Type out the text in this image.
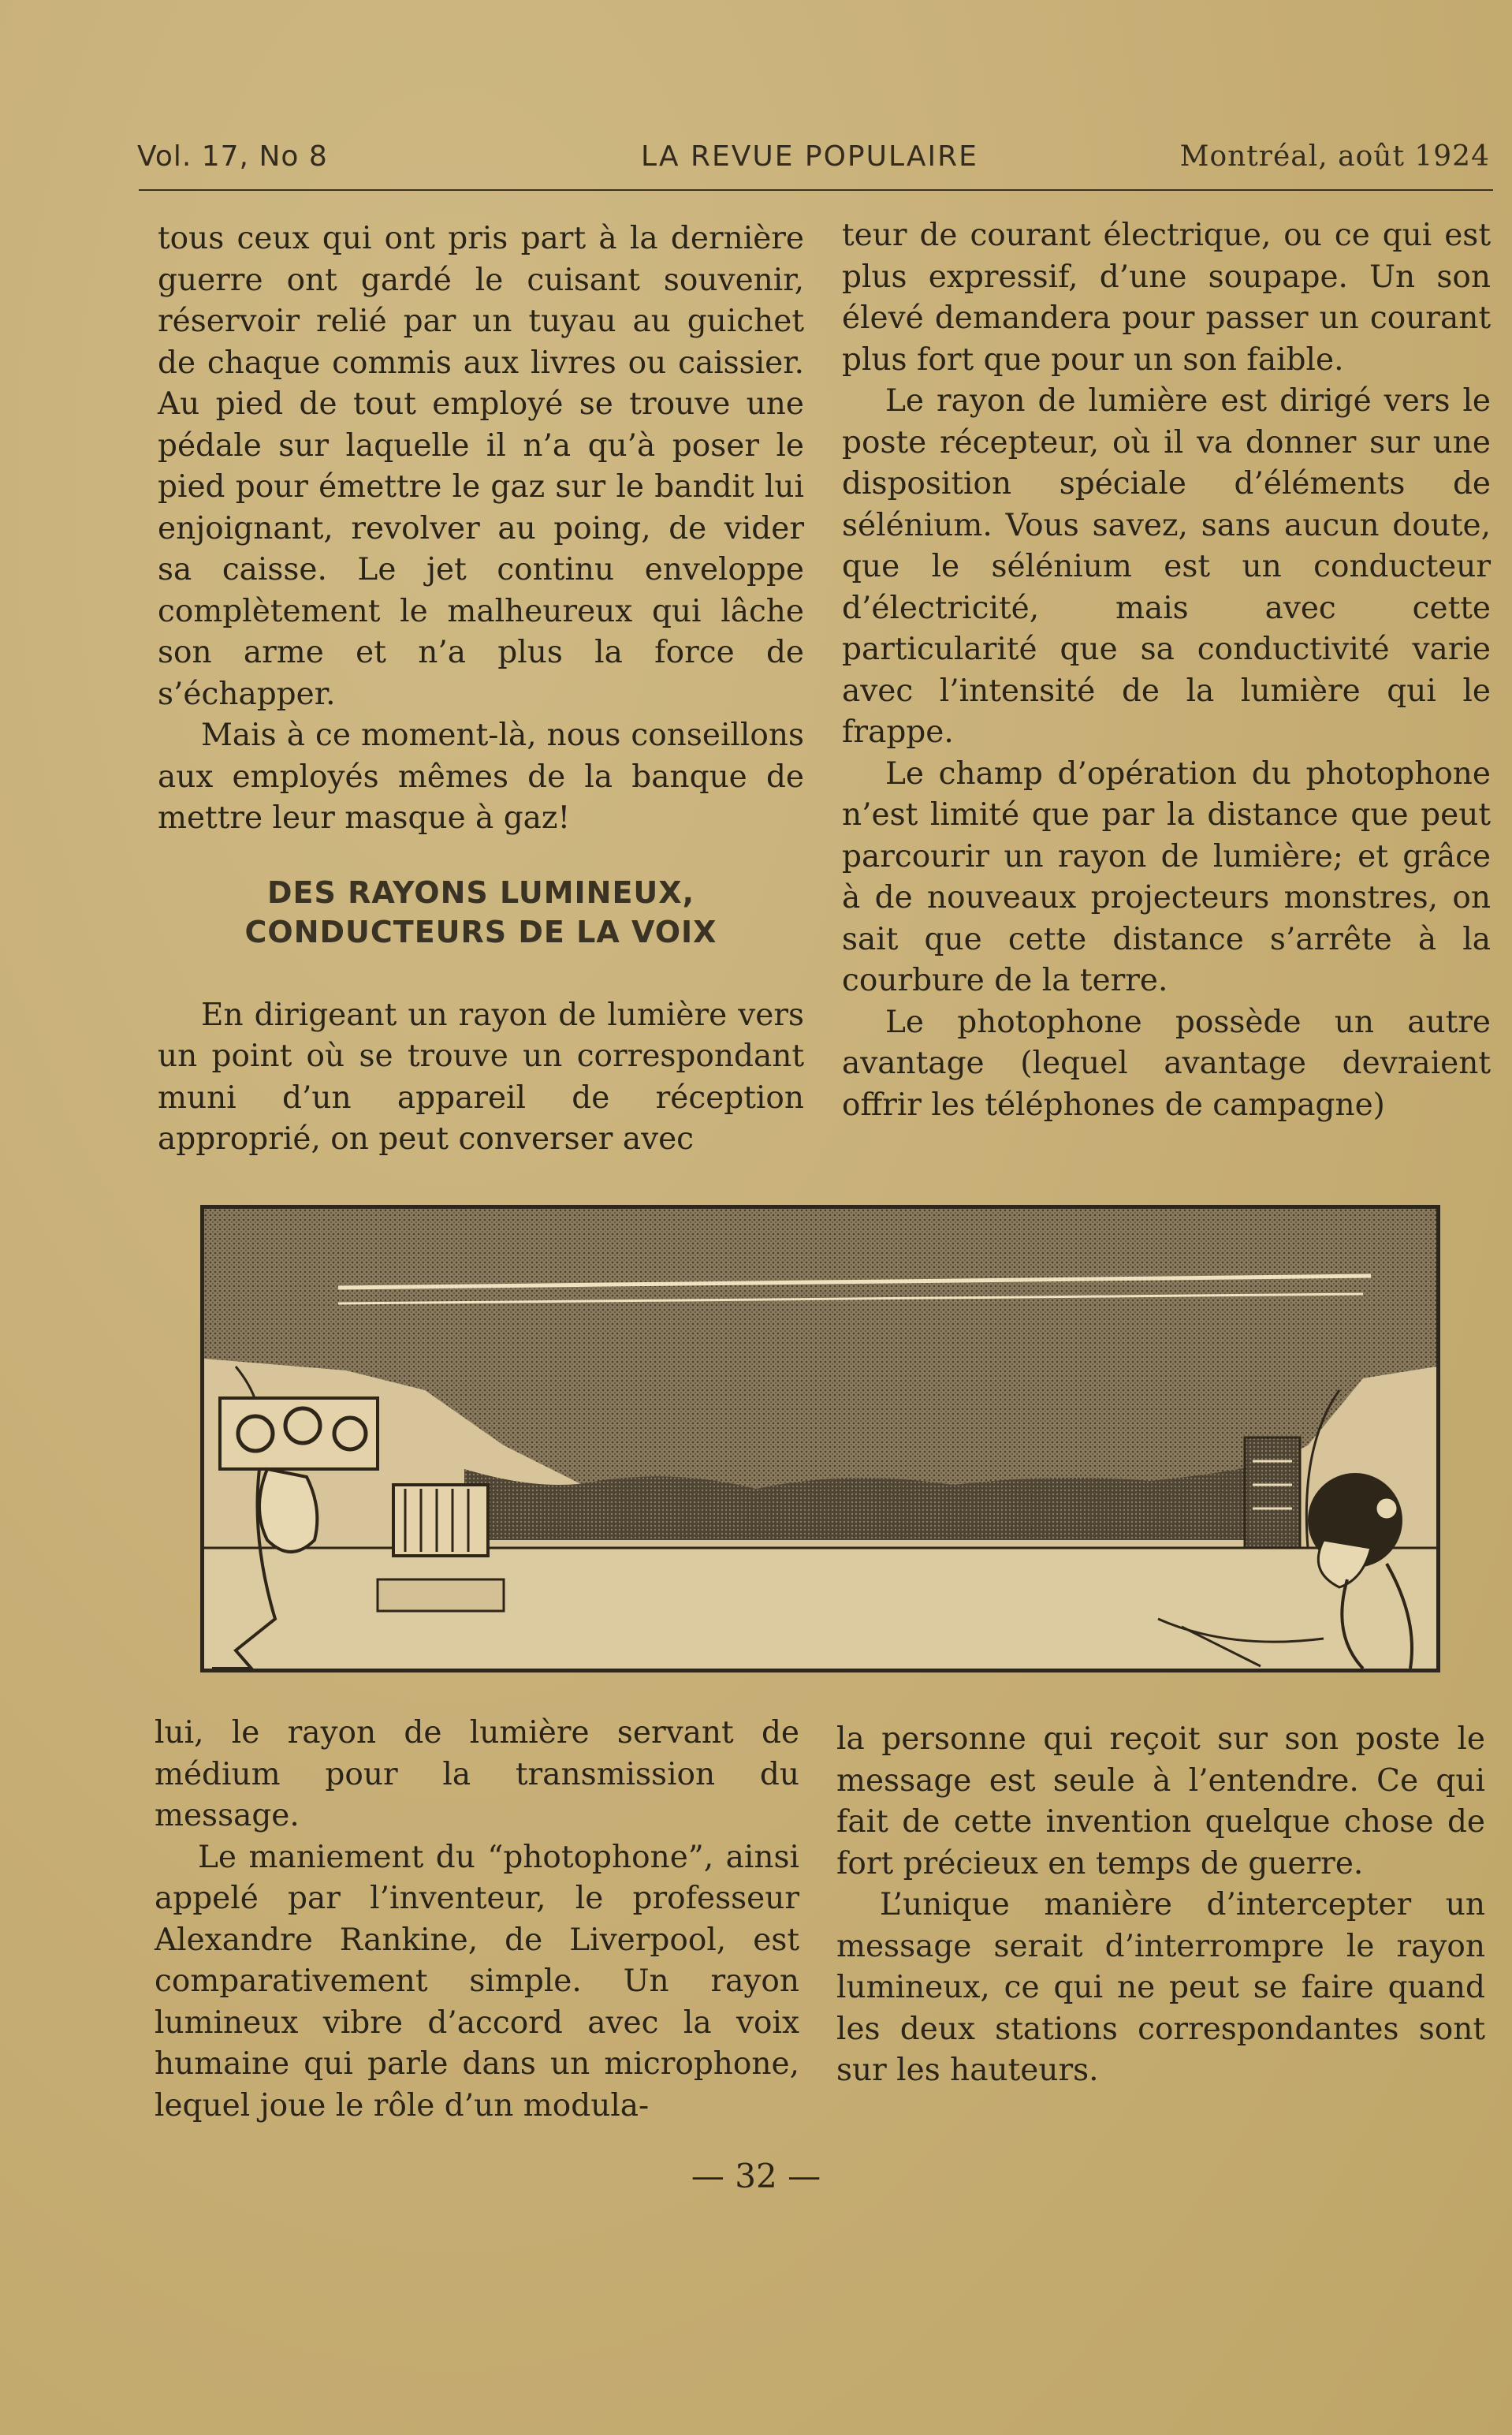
Vol. 17, No 8	LA REVUE POPULAIRE	Montréal, août 1924

tous ceux qui ont pris part à la dernière guerre ont gardé le cuisant souvenir, réservoir relié par un tuyau au guichet de chaque commis aux livres ou caissier. Au pied de tout employé se trouve une pédale sur laquelle il n’a qu’à poser le pied pour émettre le gaz sur le bandit lui enjoignant, revolver au poing, de vider sa caisse. Le jet continu enveloppe complètement le malheureux qui lâche son arme et n’a plus la force de s’échapper.

Mais à ce moment-là, nous conseillons aux employés mêmes de la banque de mettre leur masque à gaz!

DES RAYONS LUMINEUX, CONDUCTEURS DE LA VOIX

En dirigeant un rayon de lumière vers un point où se trouve un correspondant muni d’un appareil de réception approprié, on peut converser avec

teur de courant électrique, ou ce qui est plus expressif, d’une soupape. Un son élevé demandera pour passer un courant plus fort que pour un son faible.

Le rayon de lumière est dirigé vers le poste récepteur, où il va donner sur une disposition spéciale d’éléments de sélénium. Vous savez, sans aucun doute, que le sélénium est un conducteur d’électricité, mais avec cette particularité que sa conductivité varie avec l’intensité de la lumière qui le frappe.

Le champ d’opération du photophone n’est limité que par la distance que peut parcourir un rayon de lumière; et grâce à de nouveaux projecteurs monstres, on sait que cette distance s’arrête à la courbure de la terre.

Le photophone possède un autre avantage (lequel avantage devraient offrir les téléphones de campagne)

lui, le rayon de lumière servant de médium pour la transmission du message.

Le maniement du “photophone”, ainsi appelé par l’inventeur, le professeur Alexandre Rankine, de Liverpool, est comparativement simple. Un rayon lumineux vibre d’accord avec la voix humaine qui parle dans un microphone, lequel joue le rôle d’un modula-

la personne qui reçoit sur son poste le message est seule à l’entendre. Ce qui fait de cette invention quelque chose de fort précieux en temps de guerre.

L’unique manière d’intercepter un message serait d’interrompre le rayon lumineux, ce qui ne peut se faire quand les deux stations correspondantes sont sur les hauteurs.

— 32 —
